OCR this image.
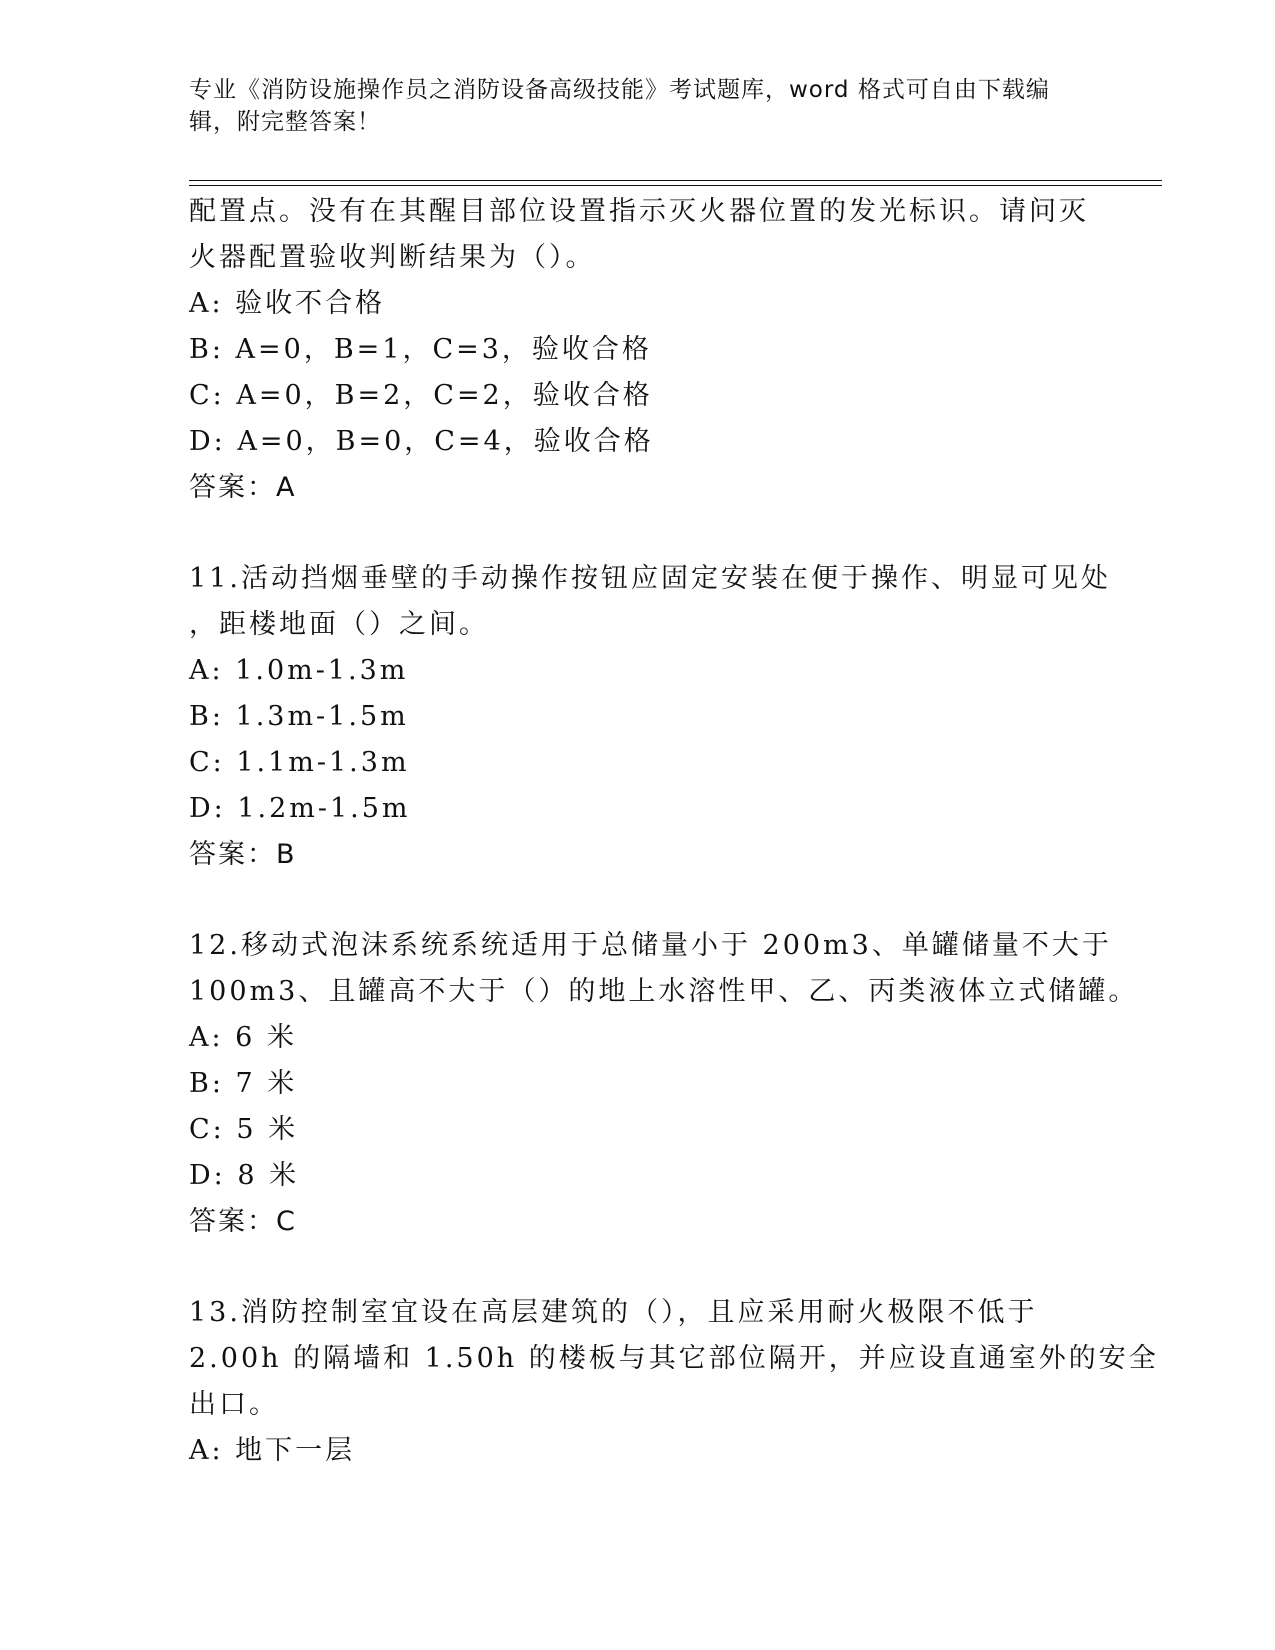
专业《消防设施操作员之消防设备高级技能》考试题库，word 格式可自由下载编
辑，附完整答案！
配置点。没有在其醒目部位设置指示灭火器位置的发光标识。请问灭
火器配置验收判断结果为（）。
A: 验收不合格
B: A=0，B=1，C=3，验收合格
C: A=0，B=2，C=2，验收合格
D: A=0，B=0，C=4，验收合格
答案：A
11.活动挡烟垂壁的手动操作按钮应固定安装在便于操作、明显可见处
，距楼地面（）之间。
A: 1.0m-1.3m
B: 1.3m-1.5m
C: 1.1m-1.3m
D: 1.2m-1.5m
答案：B
12.移动式泡沫系统系统适用于总储量小于 200m3、单罐储量不大于
100m3、且罐高不大于（）的地上水溶性甲、乙、丙类液体立式储罐。
A: 6 米
B: 7 米
C: 5 米
D: 8 米
答案：C
13.消防控制室宜设在高层建筑的（），且应采用耐火极限不低于
2.00h 的隔墙和 1.50h 的楼板与其它部位隔开，并应设直通室外的安全
出口。
A: 地下一层
